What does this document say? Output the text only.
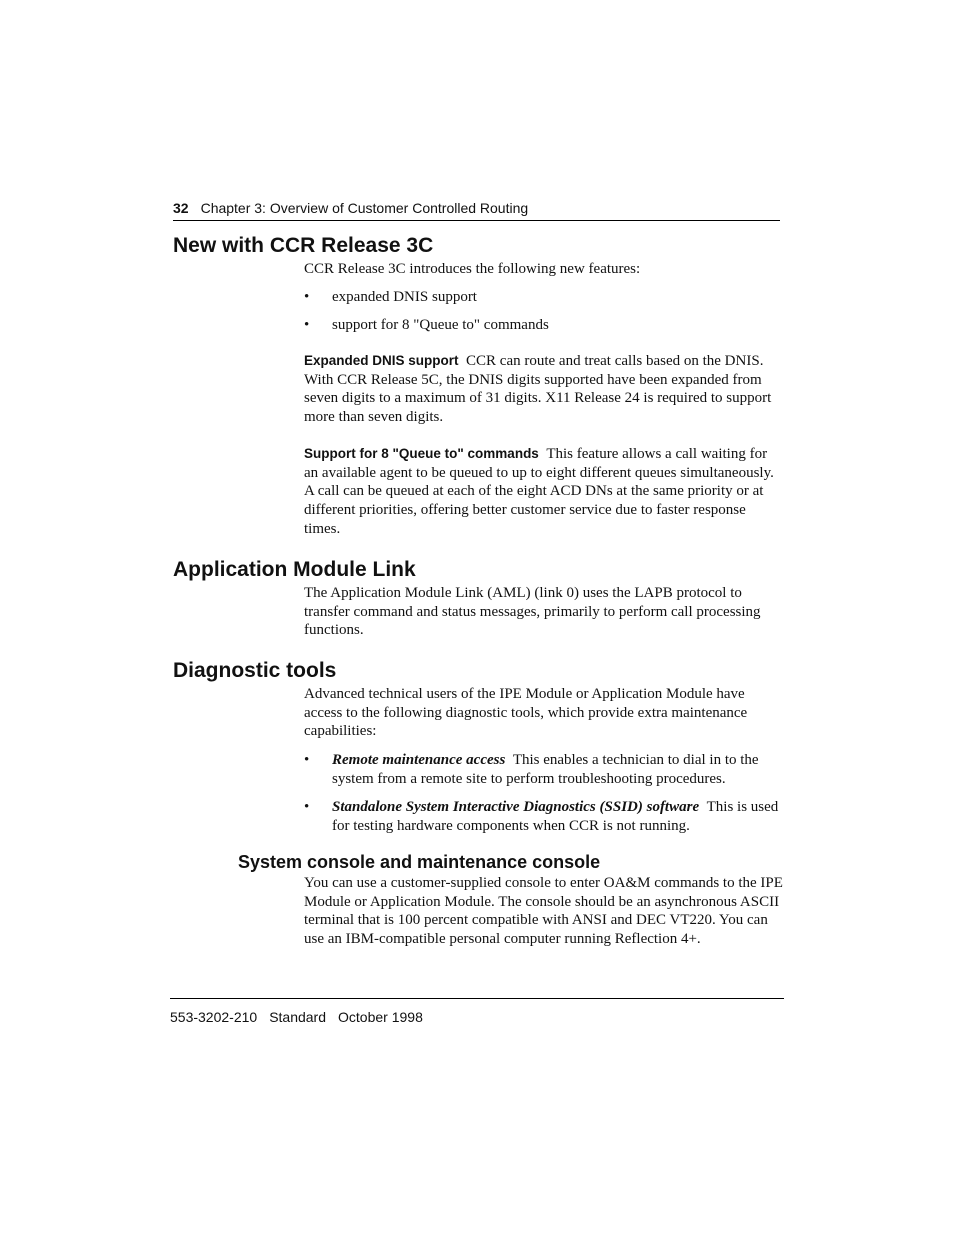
32 Chapter 3: Overview of Customer Controlled Routing
New with CCR Release 3C

CCR Release 3C introduces the following new features:

• expanded DNIS support
• support for 8 "Queue to" commands

Expanded DNIS support CCR can route and treat calls based on the DNIS. With CCR Release 5C, the DNIS digits supported have been expanded from seven digits to a maximum of 31 digits. X11 Release 24 is required to support more than seven digits.

Support for 8 "Queue to" commands This feature allows a call waiting for an available agent to be queued to up to eight different queues simultaneously. A call can be queued at each of the eight ACD DNs at the same priority or at different priorities, offering better customer service due to faster response times.

Application Module Link

The Application Module Link (AML) (link 0) uses the LAPB protocol to transfer command and status messages, primarily to perform call processing functions.

Diagnostic tools

Advanced technical users of the IPE Module or Application Module have access to the following diagnostic tools, which provide extra maintenance capabilities:

• Remote maintenance access This enables a technician to dial in to the system from a remote site to perform troubleshooting procedures.
• Standalone System Interactive Diagnostics (SSID) software This is used for testing hardware components when CCR is not running.
System console and maintenance console

You can use a customer-supplied console to enter OA&M commands to the IPE Module or Application Module. The console should be an asynchronous ASCII terminal that is 100 percent compatible with ANSI and DEC VT220. You can use an IBM-compatible personal computer running Reflection 4+.

553-3202-210 Standard October 1998
